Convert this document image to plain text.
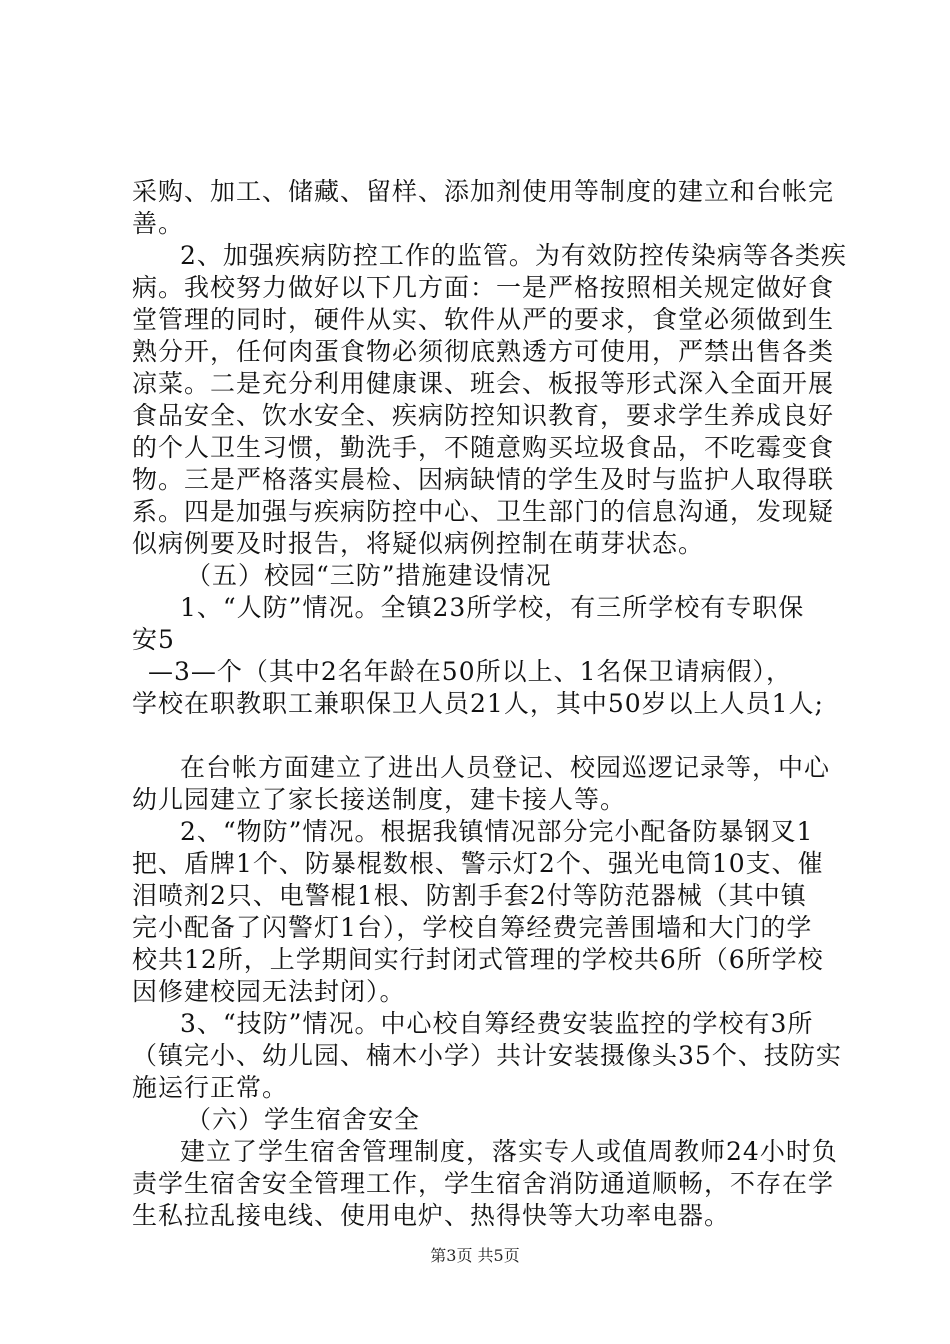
采购、加工、储藏、留样、添加剂使用等制度的建立和台帐完
善。
2、加强疾病防控工作的监管。为有效防控传染病等各类疾
病。我校努力做好以下几方面：一是严格按照相关规定做好食
堂管理的同时，硬件从实、软件从严的要求，食堂必须做到生
熟分开，任何肉蛋食物必须彻底熟透方可使用，严禁出售各类
凉菜。二是充分利用健康课、班会、板报等形式深入全面开展
食品安全、饮水安全、疾病防控知识教育，要求学生养成良好
的个人卫生习惯，勤洗手，不随意购买垃圾食品，不吃霉变食
物。三是严格落实晨检、因病缺情的学生及时与监护人取得联
系。四是加强与疾病防控中心、卫生部门的信息沟通，发现疑
似病例要及时报告，将疑似病例控制在萌芽状态。
（五）校园“三防”措施建设情况
1、“人防”情况。全镇23所学校，有三所学校有专职保
安5
—3—个（其中2名年龄在50所以上、1名保卫请病假），
学校在职教职工兼职保卫人员21人，其中50岁以上人员1人;
在台帐方面建立了进出人员登记、校园巡逻记录等，中心
幼儿园建立了家长接送制度，建卡接人等。
2、“物防”情况。根据我镇情况部分完小配备防暴钢叉1
把、盾牌1个、防暴棍数根、警示灯2个、强光电筒10支、催
泪喷剂2只、电警棍1根、防割手套2付等防范器械（其中镇
完小配备了闪警灯1台），学校自筹经费完善围墙和大门的学
校共12所，上学期间实行封闭式管理的学校共6所（6所学校
因修建校园无法封闭）。
3、“技防”情况。中心校自筹经费安装监控的学校有3所
（镇完小、幼儿园、楠木小学）共计安装摄像头35个、技防实
施运行正常。
（六）学生宿舍安全
建立了学生宿舍管理制度，落实专人或值周教师24小时负
责学生宿舍安全管理工作，学生宿舍消防通道顺畅，不存在学
生私拉乱接电线、使用电炉、热得快等大功率电器。
第3页 共5页
